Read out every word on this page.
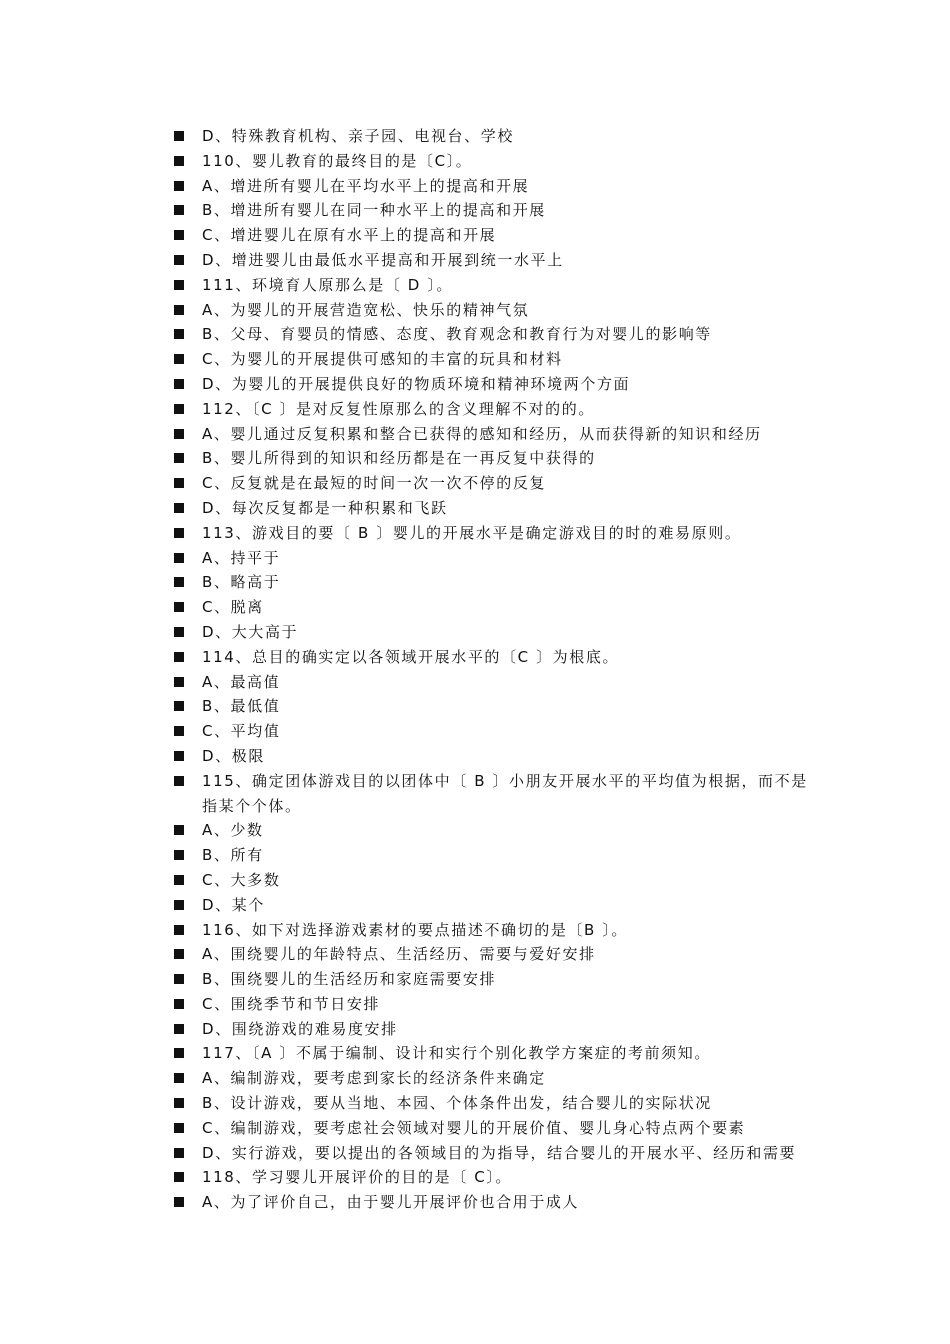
D、特殊教育机构、亲子园、电视台、学校
110、婴儿教育的最终目的是〔C〕。
A、增进所有婴儿在平均水平上的提高和开展
B、增进所有婴儿在同一种水平上的提高和开展
C、增进婴儿在原有水平上的提高和开展
D、增进婴儿由最低水平提高和开展到统一水平上
111、环境育人原那么是〔 D 〕。
A、为婴儿的开展营造宽松、快乐的精神气氛
B、父母、育婴员的情感、态度、教育观念和教育行为对婴儿的影响等
C、为婴儿的开展提供可感知的丰富的玩具和材料
D、为婴儿的开展提供良好的物质环境和精神环境两个方面
112、〔C 〕是对反复性原那么的含义理解不对的的。
A、婴儿通过反复积累和整合已获得的感知和经历，从而获得新的知识和经历
B、婴儿所得到的知识和经历都是在一再反复中获得的
C、反复就是在最短的时间一次一次不停的反复
D、每次反复都是一种积累和飞跃
113、游戏目的要〔 B 〕婴儿的开展水平是确定游戏目的时的难易原则。
A、持平于
B、略高于
C、脱离
D、大大高于
114、总目的确实定以各领域开展水平的〔C 〕为根底。
A、最高值
B、最低值
C、平均值
D、极限
115、确定团体游戏目的以团体中〔 B 〕小朋友开展水平的平均值为根据，而不是指某个个体。
A、少数
B、所有
C、大多数
D、某个
116、如下对选择游戏素材的要点描述不确切的是〔B 〕。
A、围绕婴儿的年龄特点、生活经历、需要与爱好安排
B、围绕婴儿的生活经历和家庭需要安排
C、围绕季节和节日安排
D、围绕游戏的难易度安排
117、〔A 〕不属于编制、设计和实行个别化教学方案症的考前须知。
A、编制游戏，要考虑到家长的经济条件来确定
B、设计游戏，要从当地、本园、个体条件出发，结合婴儿的实际状况
C、编制游戏，要考虑社会领域对婴儿的开展价值、婴儿身心特点两个要素
D、实行游戏，要以提出的各领域目的为指导，结合婴儿的开展水平、经历和需要
118、学习婴儿开展评价的目的是〔 C〕。
A、为了评价自己，由于婴儿开展评价也合用于成人
